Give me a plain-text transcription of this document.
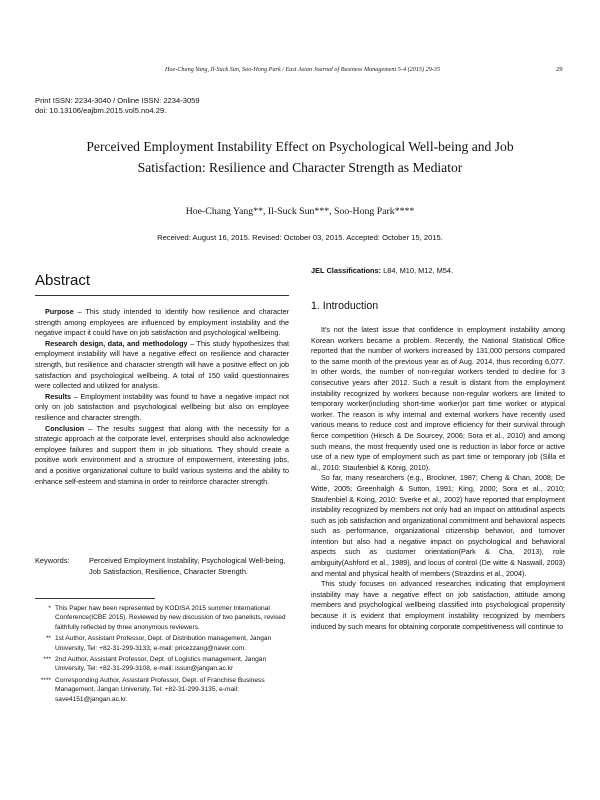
Hoe-Chang Yang, Il-Suck Sun, Soo-Hong Park / East Asian Journal of Business Management 5-4 (2015) 29-35	29
Print ISSN: 2234-3040 / Online ISSN: 2234-3059
doi: 10.13106/eajbm.2015.vol5.no4.29.
Perceived Employment Instability Effect on Psychological Well-being and Job
Satisfaction: Resilience and Character Strength as Mediator
Hoe-Chang Yang**, Il-Suck Sun***, Soo-Hong Park****
Received: August 16, 2015. Revised: October 03, 2015. Accepted: October 15, 2015.
Abstract

Purpose – This study intended to identify how resilience and character strength among employees are influenced by employment instability and the negative impact it could have on job satisfaction and psychological wellbeing.

Research design, data, and methodology – This study hypothesizes that employment instability will have a negative effect on resilience and character strength, but resilience and character strength will have a positive effect on job satisfaction and psychological wellbeing. A total of 150 valid questionnaires were collected and utilized for analysis.

Results – Employment instability was found to have a negative impact not only on job satisfaction and psychological wellbeing but also on employee resilience and character strength.

Conclusion – The results suggest that along with the necessity for a strategic approach at the corporate level, enterprises should also acknowledge employee failures and support them in job situations. They should create a positive work environment and a structure of empowerment, interesting jobs, and a positive organizational culture to build various systems and the ability to enhance self-esteem and stamina in order to reinforce character strength.

Keywords:	Perceived Employment Instability, Psychological Well-being, Job Satisfaction, Resilience, Character Strength.
* This Paper haw been represented by KODISA 2015 summer International Conference(ICBE 2015). Reviewed by new discussion of two panelists, revised faithfully reflected by three anonymous reviewers.
** 1st Author, Assistant Professor, Dept. of Distribution management, Jangan University, Tel: +82-31-299-3133, e-mail: pricezzang@naver.com.
*** 2nd Author, Assistant Professor, Dept. of Logistics management, Jangan University, Tel: +82-31-299-3108, e-mail: issun@jangan.ac.kr
**** Corresponding Author, Assistant Professor, Dept. of Franchise Business Management, Jangan University, Tel: +82-31-299-3135, e-mail: save4151@jangan.ac.kr.
JEL Classifications: L84, M10, M12, M54.
1. Introduction

It's not the latest issue that confidence in employment instability among Korean workers became a problem. Recently, the National Statistical Office reported that the number of workers increased by 131,000 persons compared to the same month of the previous year as of Aug. 2014, thus recording 6,077. In other words, the number of non-regular workers tended to decline for 3 consecutive years after 2012. Such a result is distant from the employment instability recognized by workers because non-regular workers are limited to temporary worker(including short-time worker)or part time worker or atypical worker. The reason is why internal and external workers have recently used various means to reduce cost and improve efficiency for their survival through fierce competition (Hirsch & De Sourcey, 2006; Sora et al., 2010) and among such means, the most frequently used one is reduction in labor force or active use of a new type of employment such as part time or temporary job (Silla et al., 2010: Staufenbiel & König, 2010).

So far, many researchers (e.g., Brockner, 1987; Cheng & Chan, 2008; De Witte, 2005; Greenhalgh & Sutton, 1991; King, 2000; Sora et al., 2010; Staufenbiel & Koing, 2010: Sverke et al., 2002) have reported that employment instability recognized by members not only had an impact on attitudinal aspects such as job satisfaction and organizational commitment and behavioral aspects such as performance, organizational citizenship behavior, and turnover intention but also had a negative impact on psychological and behavioral aspects such as customer orientation(Park & Cha, 2013), role ambiguity(Ashford et al., 1989), and locus of control (De witte & Naswall, 2003) and mental and physical health of members (Strazdins et al., 2004).

This study focuses on advanced researches indicating that employment instability may have a negative effect on job satisfaction, attitude among members and psychological wellbeing classified into psychological propensity because it is evident that employment instability recognized by members induced by such means for obtaining corporate competitiveness will continue to
